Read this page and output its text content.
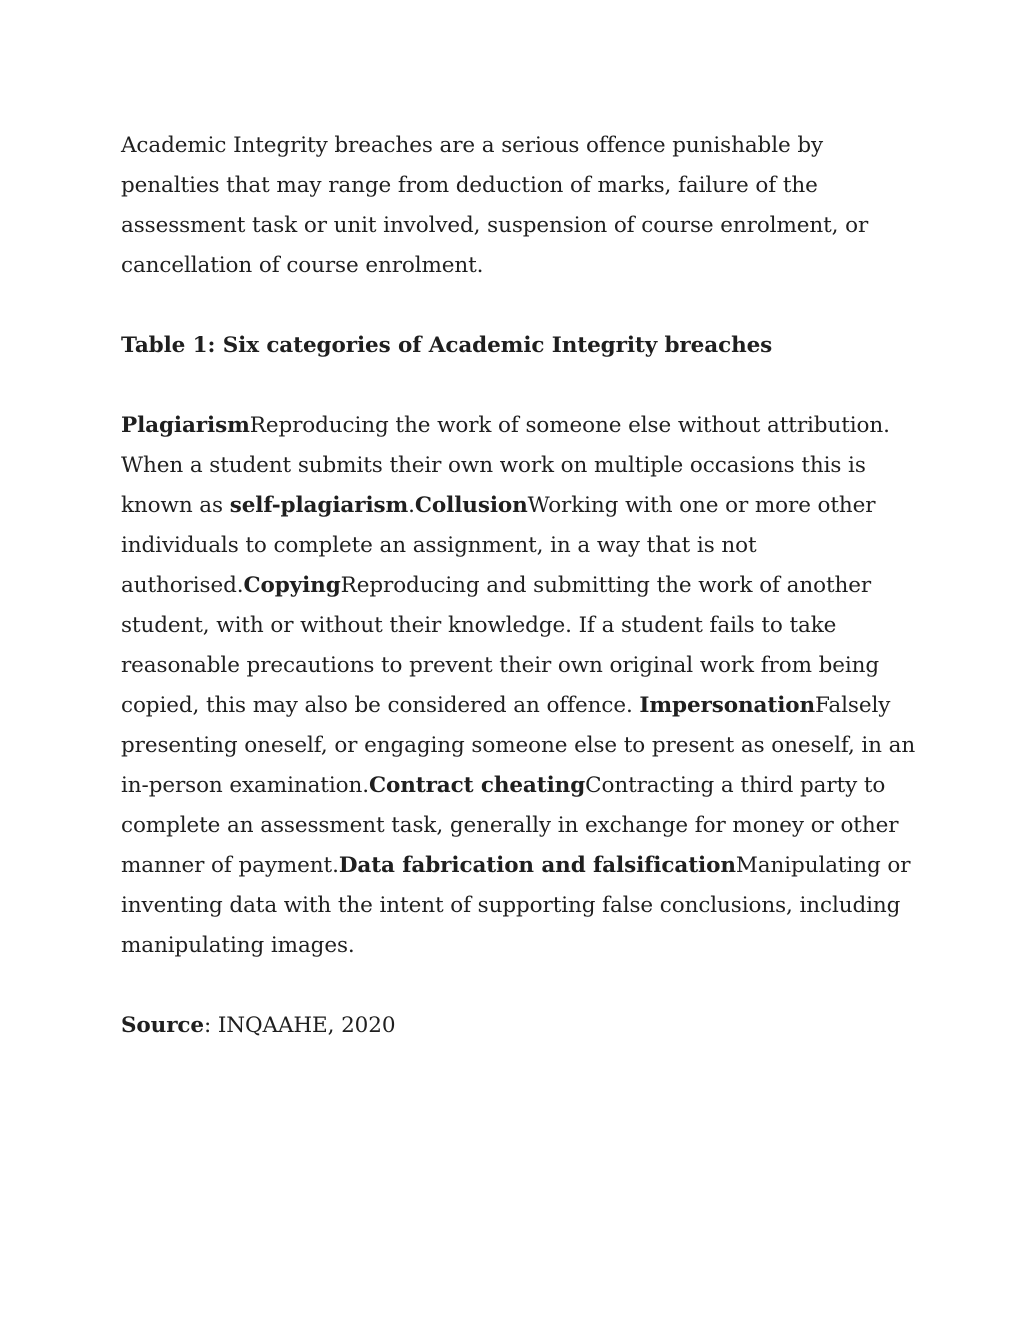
Academic Integrity breaches are a serious offence punishable by penalties that may range from deduction of marks, failure of the assessment task or unit involved, suspension of course enrolment, or cancellation of course enrolment.

Table 1: Six categories of Academic Integrity breaches

PlagiarismReproducing the work of someone else without attribution. When a student submits their own work on multiple occasions this is known as self-plagiarism.CollusionWorking with one or more other individuals to complete an assignment, in a way that is not authorised.CopyingReproducing and submitting the work of another student, with or without their knowledge. If a student fails to take reasonable precautions to prevent their own original work from being copied, this may also be considered an offence. ImpersonationFalsely presenting oneself, or engaging someone else to present as oneself, in an in-person examination.Contract cheatingContracting a third party to complete an assessment task, generally in exchange for money or other manner of payment.Data fabrication and falsificationManipulating or inventing data with the intent of supporting false conclusions, including manipulating images.

Source: INQAAHE, 2020
